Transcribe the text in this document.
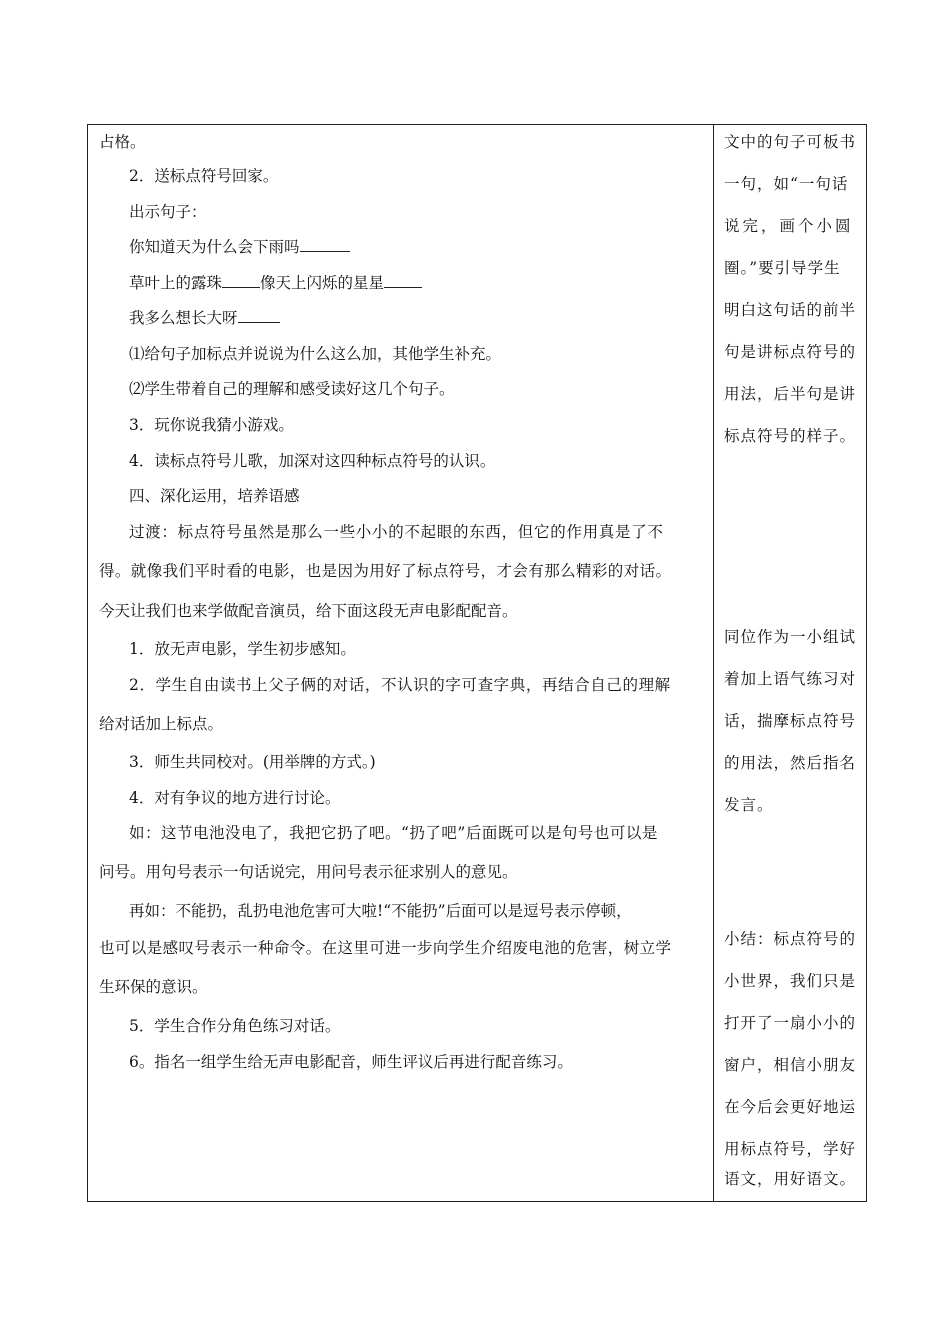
占格。
2．送标点符号回家。
出示句子：
你知道天为什么会下雨吗
草叶上的露珠 像天上闪烁的星星
我多么想长大呀
⑴给句子加标点并说说为什么这么加，其他学生补充。
⑵学生带着自己的理解和感受读好这几个句子。
3．玩你说我猜小游戏。
4．读标点符号儿歌，加深对这四种标点符号的认识。
四、深化运用，培养语感
过渡：标点符号虽然是那么一些小小的不起眼的东西，但它的作用真是了不
得。就像我们平时看的电影，也是因为用好了标点符号，才会有那么精彩的对话。
今天让我们也来学做配音演员，给下面这段无声电影配配音。
1．放无声电影，学生初步感知。
2．学生自由读书上父子俩的对话，不认识的字可查字典，再结合自己的理解
给对话加上标点。
3．师生共同校对。(用举牌的方式。)
4．对有争议的地方进行讨论。
如：这节电池没电了，我把它扔了吧。“扔了吧”后面既可以是句号也可以是
问号。用句号表示一句话说完，用问号表示征求别人的意见。
再如：不能扔，乱扔电池危害可大啦!“不能扔”后面可以是逗号表示停顿，
也可以是感叹号表示一种命令。在这里可进一步向学生介绍废电池的危害，树立学
生环保的意识。
5．学生合作分角色练习对话。
6。指名一组学生给无声电影配音，师生评议后再进行配音练习。
文中的句子可板书
一句，如“一句话
说完，画个小圆
圈。”要引导学生
明白这句话的前半
句是讲标点符号的
用法，后半句是讲
标点符号的样子。
同位作为一小组试
着加上语气练习对
话，揣摩标点符号
的用法，然后指名
发言。
小结：标点符号的
小世界，我们只是
打开了一扇小小的
窗户，相信小朋友
在今后会更好地运
用标点符号，学好
语文，用好语文。
